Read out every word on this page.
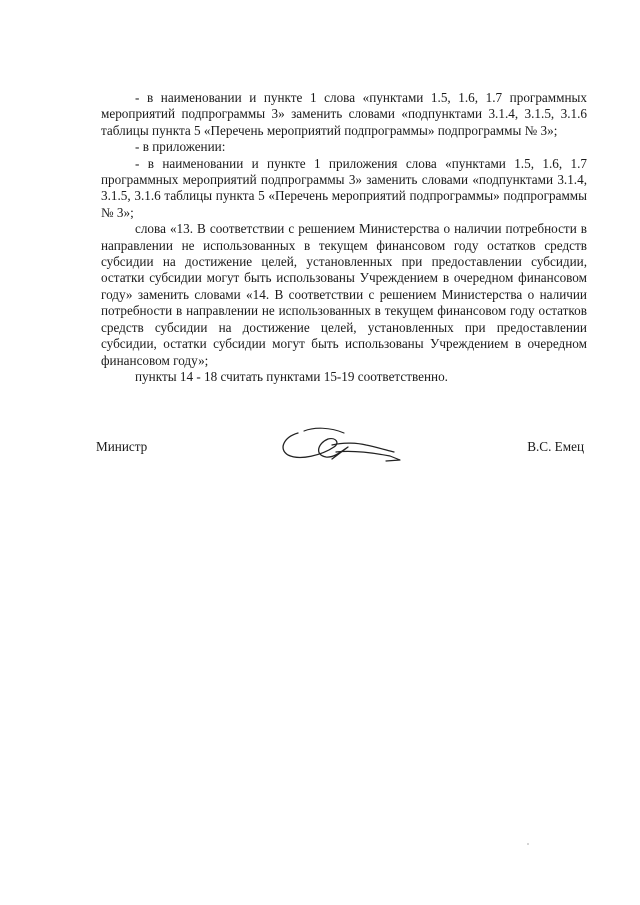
- в наименовании и пункте 1 слова «пунктами 1.5, 1.6, 1.7 программных мероприятий подпрограммы 3» заменить словами «подпунктами 3.1.4, 3.1.5, 3.1.6 таблицы пункта 5 «Перечень мероприятий подпрограммы» подпрограммы № 3»;

- в приложении:

- в наименовании и пункте 1 приложения слова «пунктами 1.5, 1.6, 1.7 программных мероприятий подпрограммы 3» заменить словами «подпунктами 3.1.4, 3.1.5, 3.1.6 таблицы пункта 5 «Перечень мероприятий подпрограммы» подпрограммы № 3»;

слова «13. В соответствии с решением Министерства о наличии потребности в направлении не использованных в текущем финансовом году остатков средств субсидии на достижение целей, установленных при предоставлении субсидии, остатки субсидии могут быть использованы Учреждением в очередном финансовом году» заменить словами «14. В соответствии с решением Министерства о наличии потребности в направлении не использованных в текущем финансовом году остатков средств субсидии на достижение целей, установленных при предоставлении субсидии, остатки субсидии могут быть использованы Учреждением в очередном финансовом году»;

пункты 14 - 18 считать пунктами 15-19 соответственно.

Министр	В.С. Емец
